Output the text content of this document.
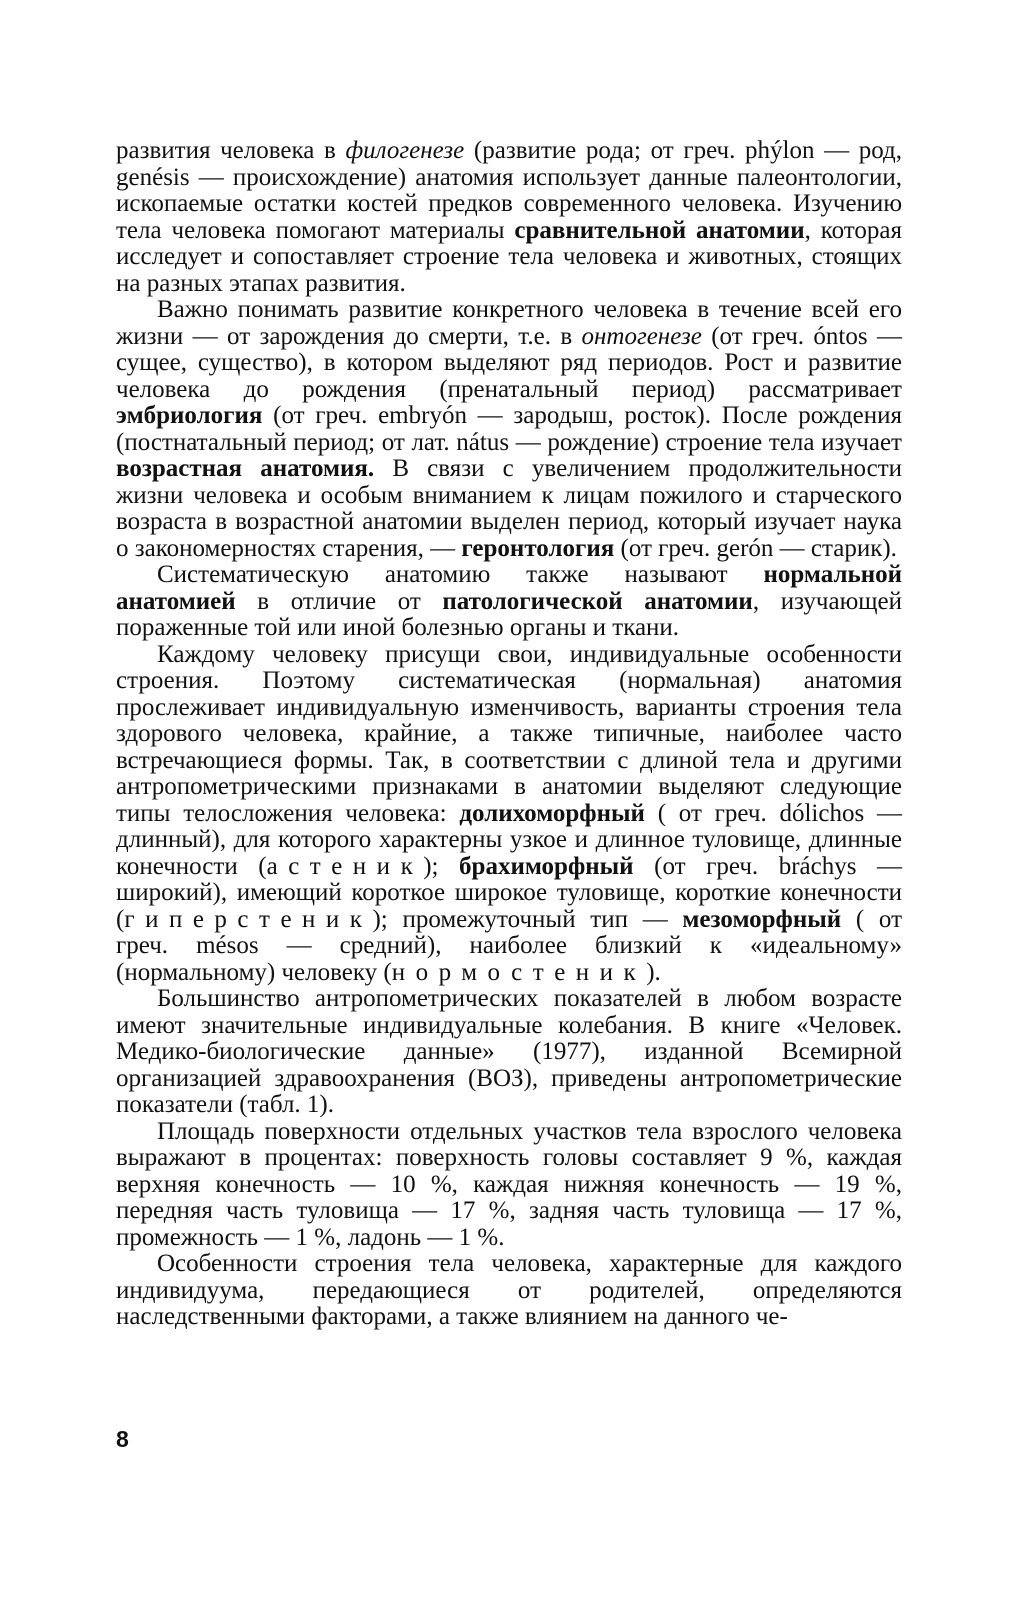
развития человека в филогенезе (развитие рода; от греч. phýlon — род, genésis — происхождение) анатомия использует данные палеонтологии, ископаемые остатки костей предков современного человека. Изучению тела человека помогают материалы сравнительной анатомии, которая исследует и сопоставляет строение тела человека и животных, стоящих на разных этапах развития.

Важно понимать развитие конкретного человека в течение всей его жизни — от зарождения до смерти, т.е. в онтогенезе (от греч. óntos — сущее, существо), в котором выделяют ряд периодов. Рост и развитие человека до рождения (пренатальный период) рассматривает эмбриология (от греч. embryón — зародыш, росток). После рождения (постнатальный период; от лат. nátus — рождение) строение тела изучает возрастная анатомия. В связи с увеличением продолжительности жизни человека и особым вниманием к лицам пожилого и старческого возраста в возрастной анатомии выделен период, который изучает наука о закономерностях старения, — геронтология (от греч. gerón — старик).

Систематическую анатомию также называют нормальной анатомией в отличие от патологической анатомии, изучающей пораженные той или иной болезнью органы и ткани.

Каждому человеку присущи свои, индивидуальные особенности строения. Поэтому систематическая (нормальная) анатомия прослеживает индивидуальную изменчивость, варианты строения тела здорового человека, крайние, а также типичные, наиболее часто встречающиеся формы. Так, в соответствии с длиной тела и другими антропометрическими признаками в анатомии выделяют следующие типы телосложения человека: долихоморфный ( от греч. dólichos — длинный), для которого характерны узкое и длинное туловище, длинные конечности (астеник); брахиморфный (от греч. bráchys — широкий), имеющий короткое широкое туловище, короткие конечности (гиперстеник); промежуточный тип — мезоморфный ( от греч. mésos — средний), наиболее близкий к «идеальному» (нормальному) человеку (нормостеник).

Большинство антропометрических показателей в любом возрасте имеют значительные индивидуальные колебания. В книге «Человек. Медико-биологические данные» (1977), изданной Всемирной организацией здравоохранения (ВОЗ), приведены антропометрические показатели (табл. 1).

Площадь поверхности отдельных участков тела взрослого человека выражают в процентах: поверхность головы составляет 9 %, каждая верхняя конечность — 10 %, каждая нижняя конечность — 19 %, передняя часть туловища — 17 %, задняя часть туловища — 17 %, промежность — 1 %, ладонь — 1 %.

Особенности строения тела человека, характерные для каждого индивидуума, передающиеся от родителей, определяются наследственными факторами, а также влиянием на данного че-

8
